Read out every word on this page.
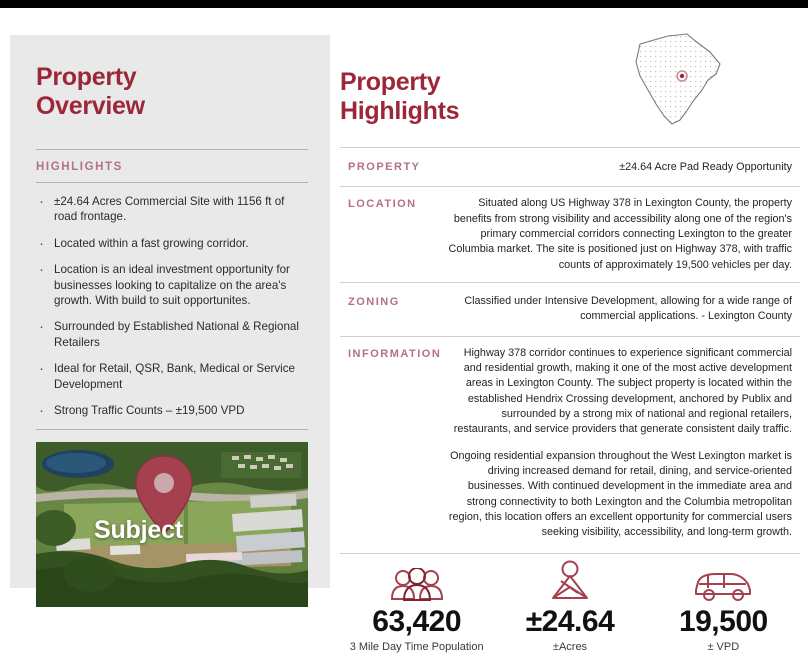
Property
Overview
HIGHLIGHTS
· ±24.64 Acres Commercial Site with 1156 ft of road frontage.
· Located within a fast growing corridor.
· Location is an ideal investment opportunity for businesses looking to capitalize on the area's growth. With build to suit opportunites.
· Surrounded by Established National & Regional Retailers
· Ideal for Retail, QSR, Bank, Medical or Service Development
· Strong Traffic Counts – ±19,500 VPD
Subject
Property
Highlights
PROPERTY	±24.64 Acre Pad Ready Opportunity
LOCATION	Situated along US Highway 378 in Lexington County, the property benefits from strong visibility and accessibility along one of the region's primary commercial corridors connecting Lexington to the greater Columbia market. The site is positioned just on Highway 378, with traffic counts of approximately 19,500 vehicles per day.
ZONING	Classified under Intensive Development, allowing for a wide range of commercial applications. - Lexington County
INFORMATION	Highway 378 corridor continues to experience significant commercial and residential growth, making it one of the most active development areas in Lexington County. The subject property is located within the established Hendrix Crossing development, anchored by Publix and surrounded by a strong mix of national and regional retailers, restaurants, and service providers that generate consistent daily traffic.

Ongoing residential expansion throughout the West Lexington market is driving increased demand for retail, dining, and service-oriented businesses. With continued development in the immediate area and strong connectivity to both Lexington and the Columbia metropolitan region, this location offers an excellent opportunity for commercial users seeking visibility, accessibility, and long-term growth.

63,420
3 Mile Day Time Population
±24.64
±Acres
19,500
± VPD
